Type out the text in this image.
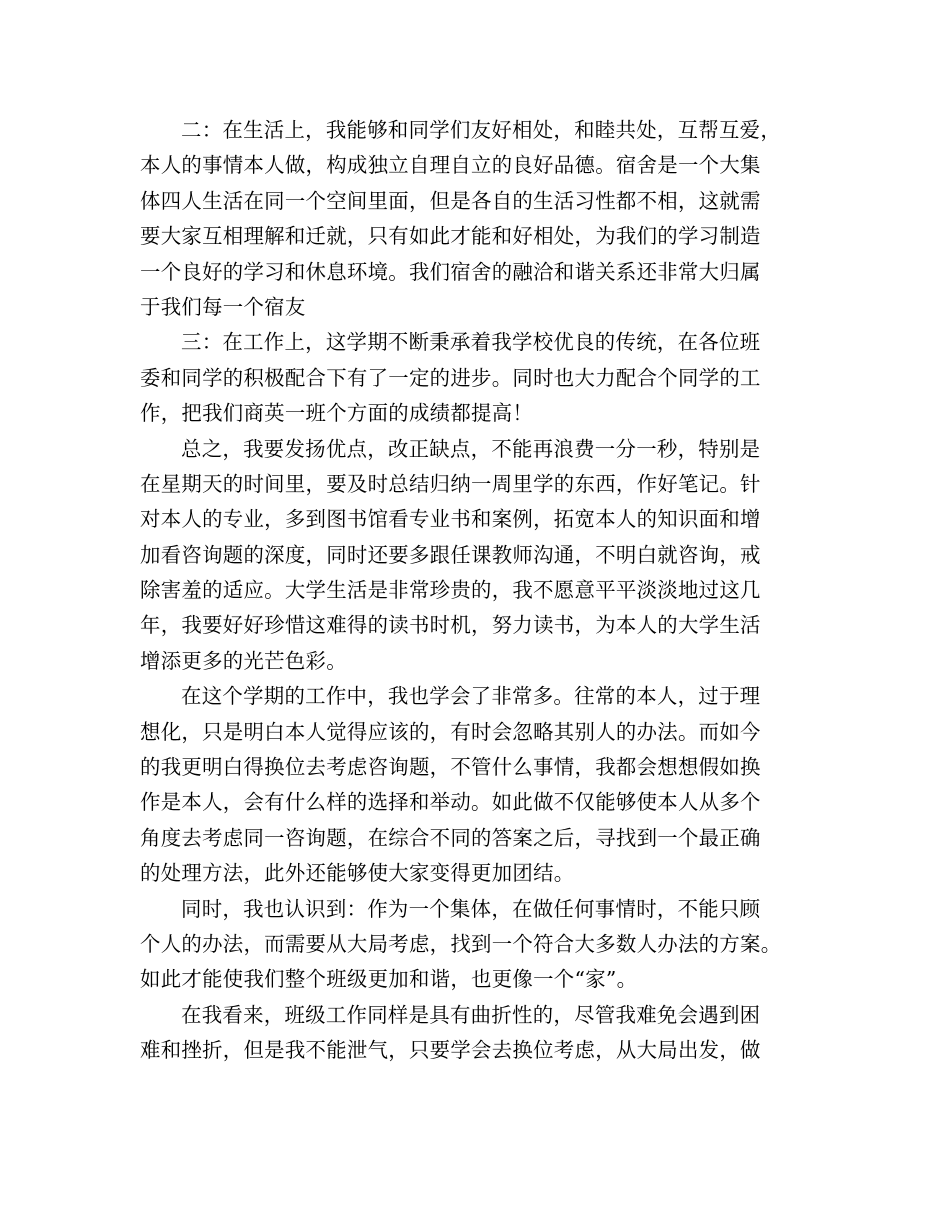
二：在生活上，我能够和同学们友好相处，和睦共处，互帮互爱，
本人的事情本人做，构成独立自理自立的良好品德。宿舍是一个大集
体四人生活在同一个空间里面，但是各自的生活习性都不相，这就需
要大家互相理解和迁就，只有如此才能和好相处，为我们的学习制造
一个良好的学习和休息环境。我们宿舍的融洽和谐关系还非常大归属
于我们每一个宿友
三：在工作上，这学期不断秉承着我学校优良的传统，在各位班
委和同学的积极配合下有了一定的进步。同时也大力配合个同学的工
作，把我们商英一班个方面的成绩都提高！
总之，我要发扬优点，改正缺点，不能再浪费一分一秒，特别是
在星期天的时间里，要及时总结归纳一周里学的东西，作好笔记。针
对本人的专业，多到图书馆看专业书和案例，拓宽本人的知识面和增
加看咨询题的深度，同时还要多跟任课教师沟通，不明白就咨询，戒
除害羞的适应。大学生活是非常珍贵的，我不愿意平平淡淡地过这几
年，我要好好珍惜这难得的读书时机，努力读书，为本人的大学生活
增添更多的光芒色彩。
在这个学期的工作中，我也学会了非常多。往常的本人，过于理
想化，只是明白本人觉得应该的，有时会忽略其别人的办法。而如今
的我更明白得换位去考虑咨询题，不管什么事情，我都会想想假如换
作是本人，会有什么样的选择和举动。如此做不仅能够使本人从多个
角度去考虑同一咨询题，在综合不同的答案之后，寻找到一个最正确
的处理方法，此外还能够使大家变得更加团结。
同时，我也认识到：作为一个集体，在做任何事情时，不能只顾
个人的办法，而需要从大局考虑，找到一个符合大多数人办法的方案。
如此才能使我们整个班级更加和谐，也更像一个“家”。
在我看来，班级工作同样是具有曲折性的，尽管我难免会遇到困
难和挫折，但是我不能泄气，只要学会去换位考虑，从大局出发，做
